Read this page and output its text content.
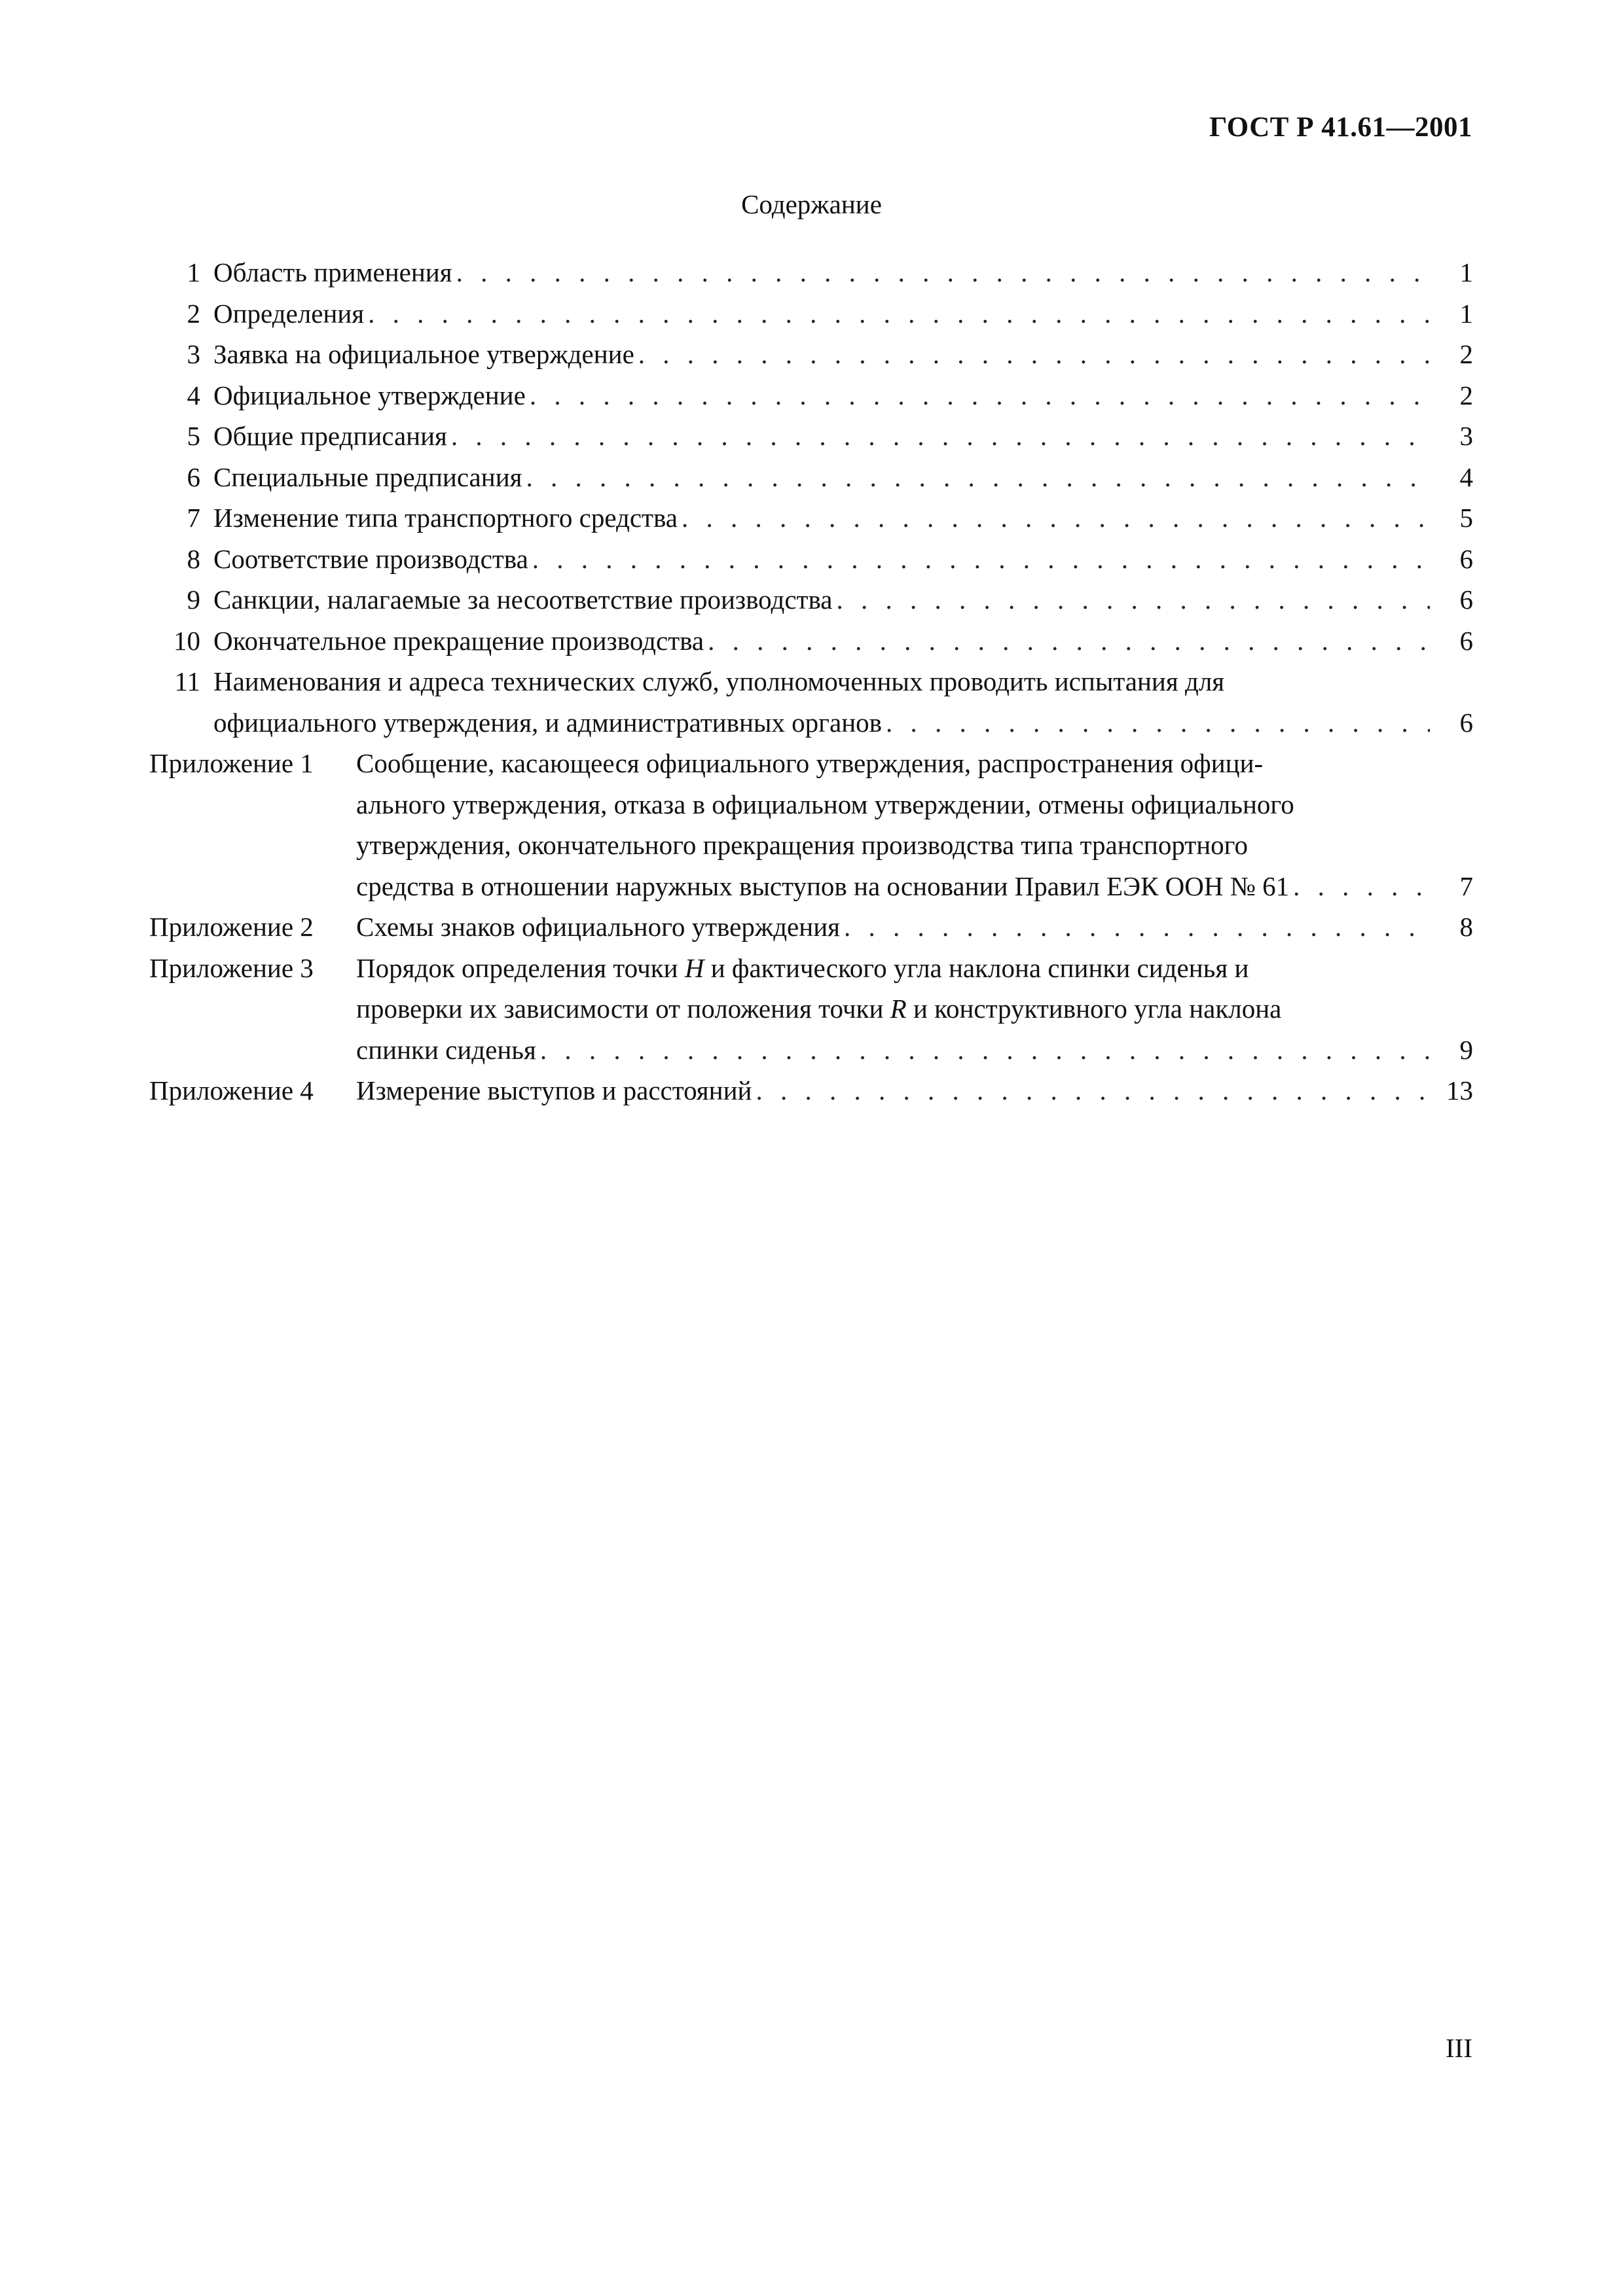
ГОСТ Р 41.61—2001
Содержание
1 Область применения . . .	1
2 Определения . . .	1
3 Заявка на официальное утверждение . . .	2
4 Официальное утверждение . . .	2
5 Общие предписания . . .	3
6 Специальные предписания . . .	4
7 Изменение типа транспортного средства . . .	5
8 Соответствие производства . . .	6
9 Санкции, налагаемые за несоответствие производства . . .	6
10 Окончательное прекращение производства . . .	6
11 Наименования и адреса технических служб, уполномоченных проводить испытания для
официального утверждения, и административных органов . . .	6
Приложение 1	Сообщение, касающееся официального утверждения, распространения офици-
ального утверждения, отказа в официальном утверждении, отмены официального
утверждения, окончательного прекращения производства типа транспортного
средства в отношении наружных выступов на основании Правил ЕЭК ООН № 61 . . .	7
Приложение 2	Схемы знаков официального утверждения . . .	8
Приложение 3	Порядок определения точки H и фактического угла наклона спинки сиденья и
проверки их зависимости от положения точки R и конструктивного угла наклона
спинки сиденья . . .	9
Приложение 4	Измерение выступов и расстояний . . .	13
III
